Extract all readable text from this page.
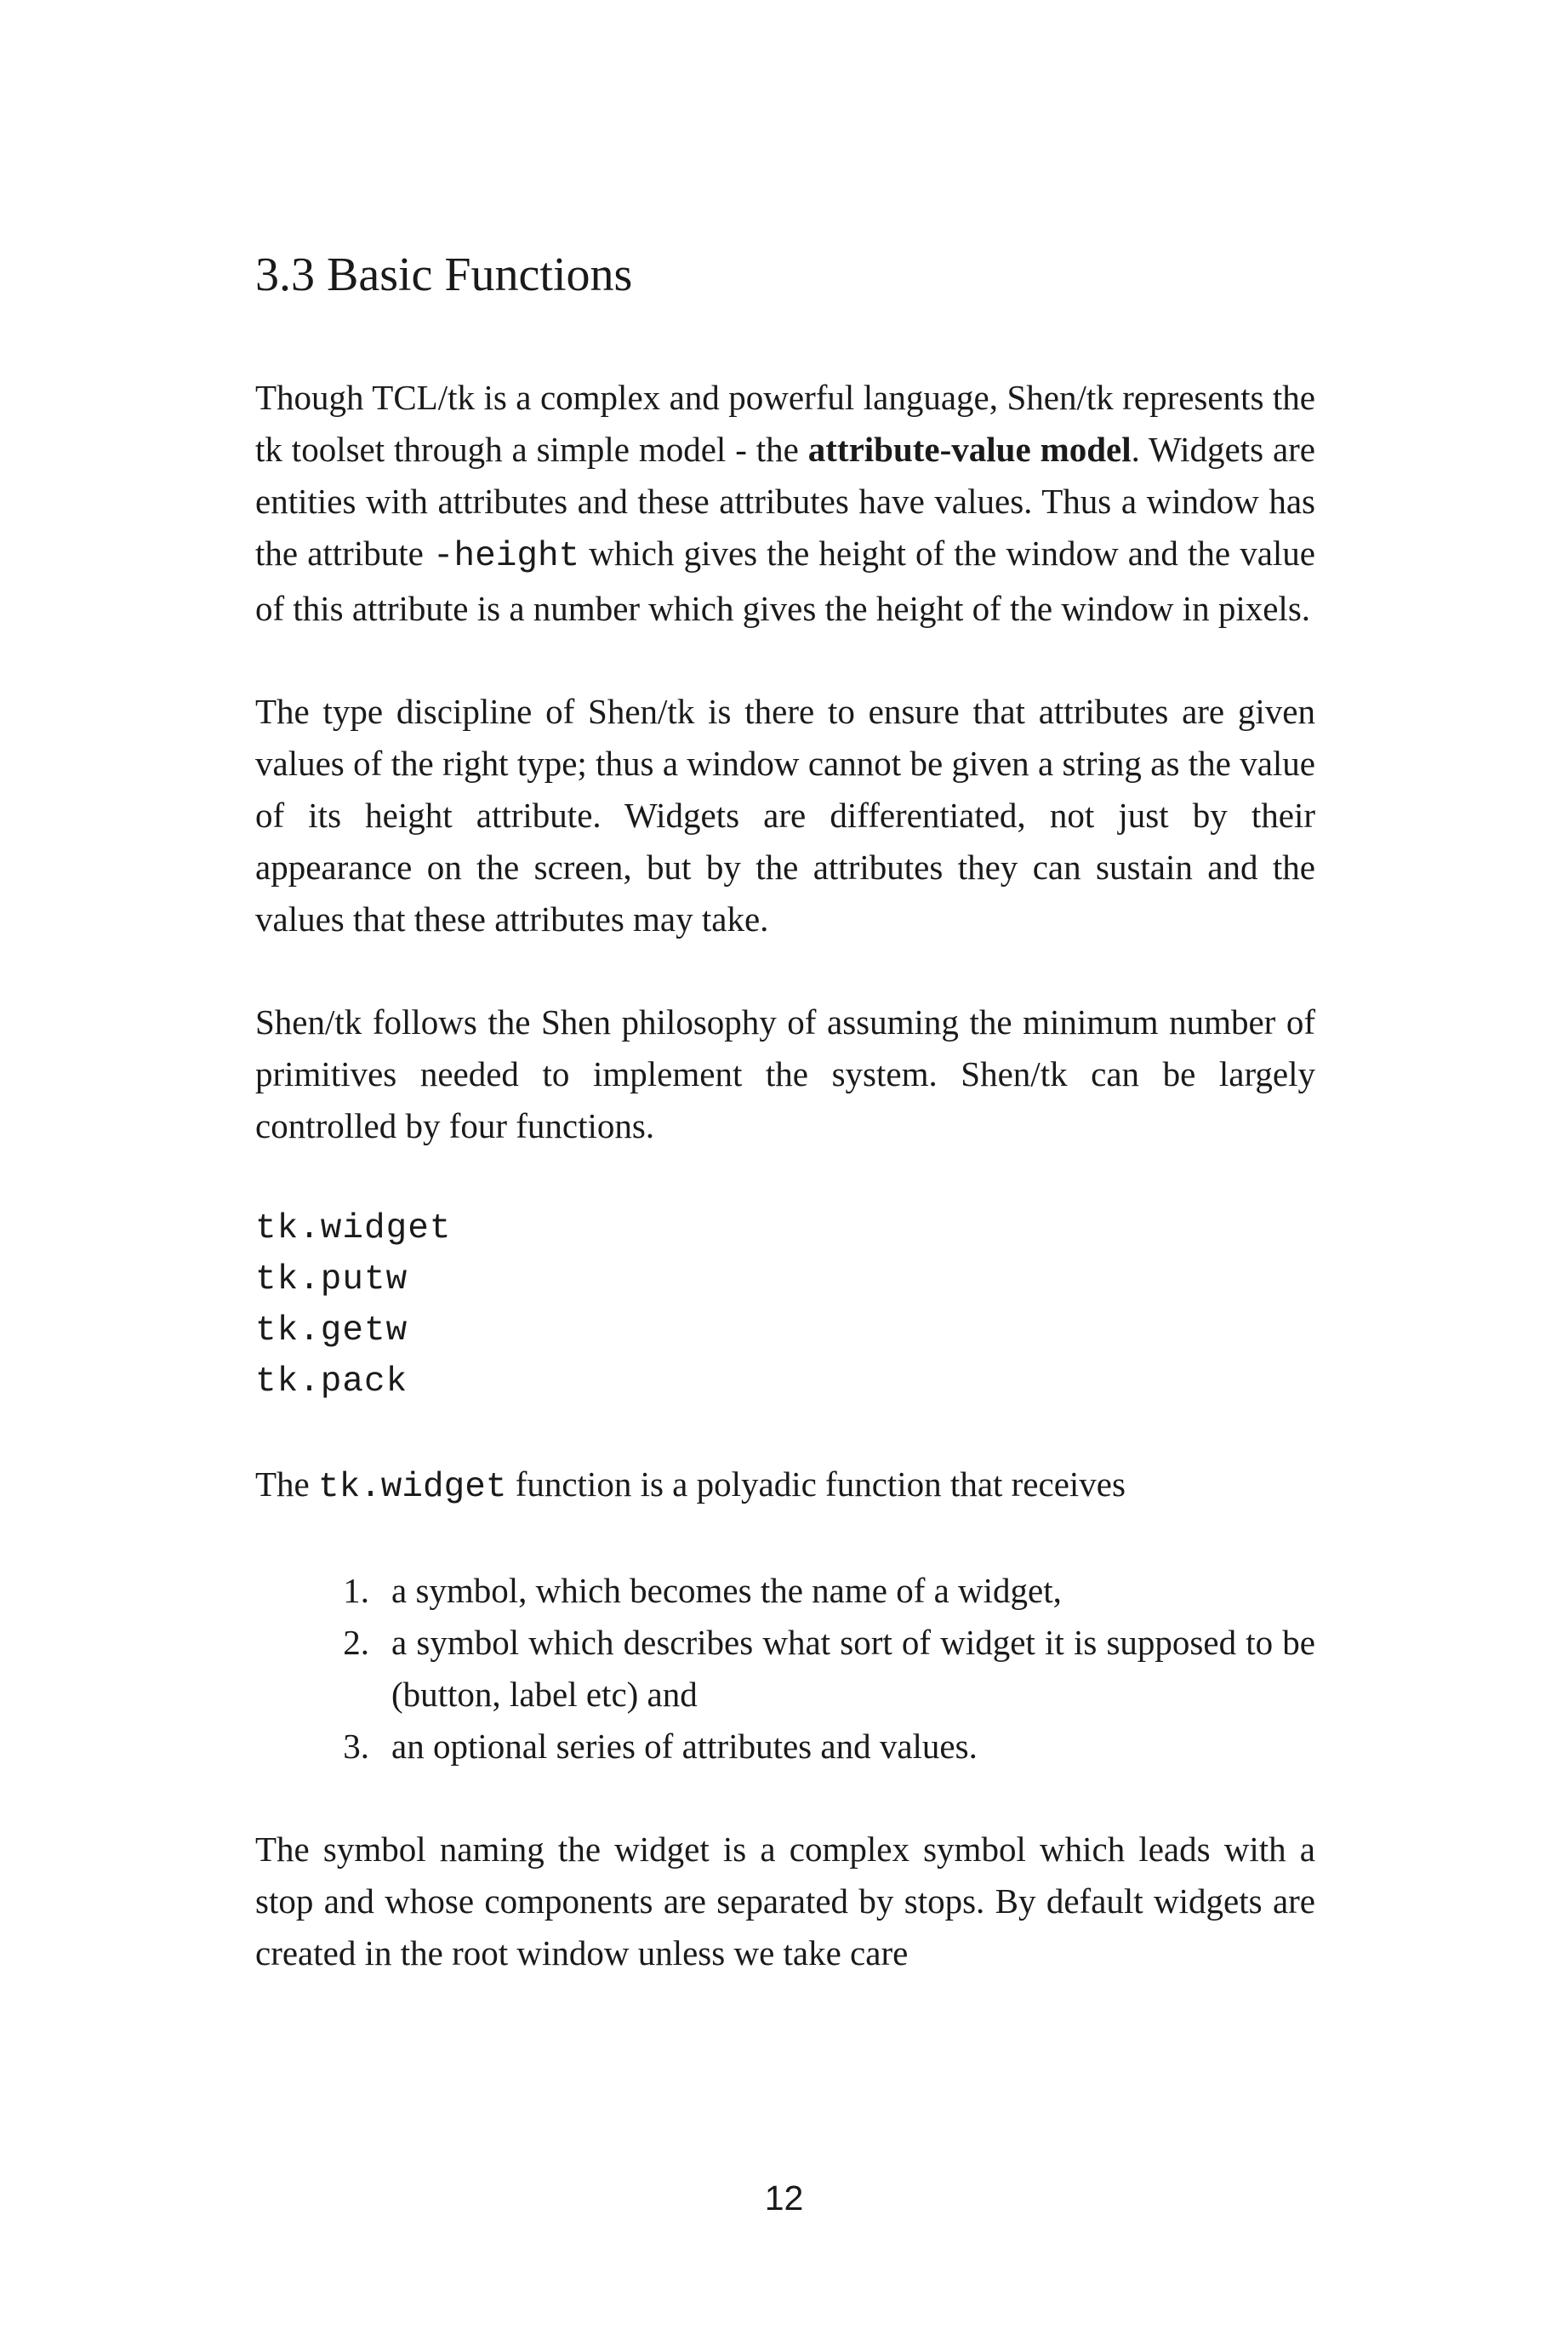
3.3 Basic Functions

Though TCL/tk is a complex and powerful language, Shen/tk represents the tk toolset through a simple model - the attribute-value model. Widgets are entities with attributes and these attributes have values. Thus a window has the attribute -height which gives the height of the window and the value of this attribute is a number which gives the height of the window in pixels.

The type discipline of Shen/tk is there to ensure that attributes are given values of the right type; thus a window cannot be given a string as the value of its height attribute. Widgets are differentiated, not just by their appearance on the screen, but by the attributes they can sustain and the values that these attributes may take.

Shen/tk follows the Shen philosophy of assuming the minimum number of primitives needed to implement the system. Shen/tk can be largely controlled by four functions.

tk.widget
tk.putw
tk.getw
tk.pack

The tk.widget function is a polyadic function that receives

1. a symbol, which becomes the name of a widget,
2. a symbol which describes what sort of widget it is supposed to be (button, label etc) and
3. an optional series of attributes and values.

The symbol naming the widget is a complex symbol which leads with a stop and whose components are separated by stops. By default widgets are created in the root window unless we take care

12
